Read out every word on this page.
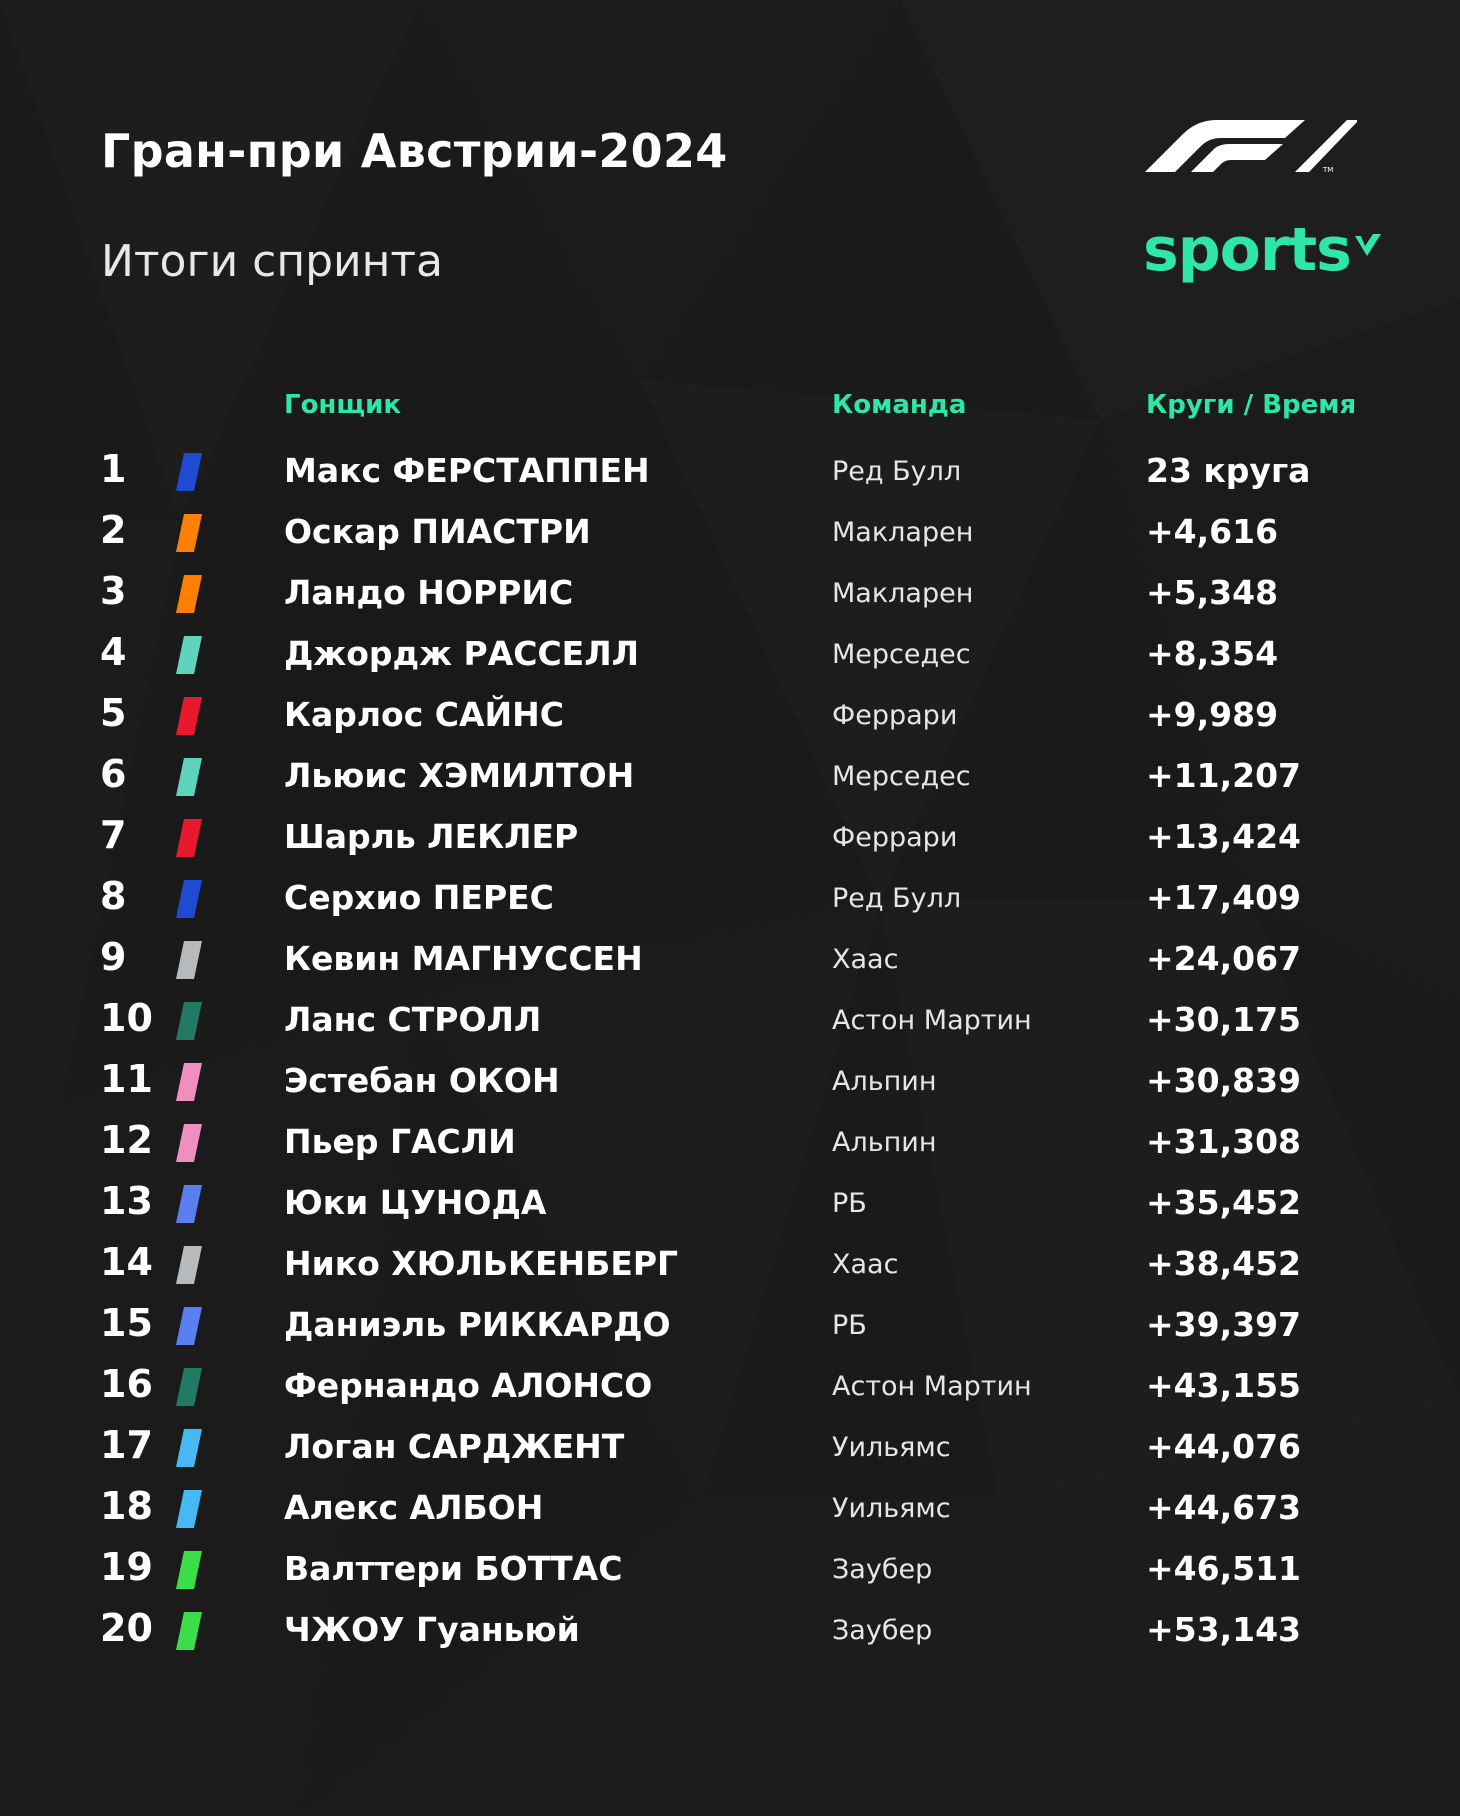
Гран-при Австрии-2024
Итоги спринта
TM
sports
Гонщик	Команда	Круги / Время
1	Макс ФЕРСТАППЕН	Ред Булл	23 круга
2	Оскар ПИАСТРИ	Макларен	+4,616
3	Ландо НОРРИС	Макларен	+5,348
4	Джордж РАССЕЛЛ	Мерседес	+8,354
5	Карлос САЙНС	Феррари	+9,989
6	Льюис ХЭМИЛТОН	Мерседес	+11,207
7	Шарль ЛЕКЛЕР	Феррари	+13,424
8	Серхио ПЕРЕС	Ред Булл	+17,409
9	Кевин МАГНУССЕН	Хаас	+24,067
10	Ланс СТРОЛЛ	Астон Мартин	+30,175
11	Эстебан ОКОН	Альпин	+30,839
12	Пьер ГАСЛИ	Альпин	+31,308
13	Юки ЦУНОДА	РБ	+35,452
14	Нико ХЮЛЬКЕНБЕРГ	Хаас	+38,452
15	Даниэль РИККАРДО	РБ	+39,397
16	Фернандо АЛОНСО	Астон Мартин	+43,155
17	Логан САРДЖЕНТ	Уильямс	+44,076
18	Алекс АЛБОН	Уильямс	+44,673
19	Валттери БОТТАС	Заубер	+46,511
20	ЧЖОУ Гуаньюй	Заубер	+53,143
